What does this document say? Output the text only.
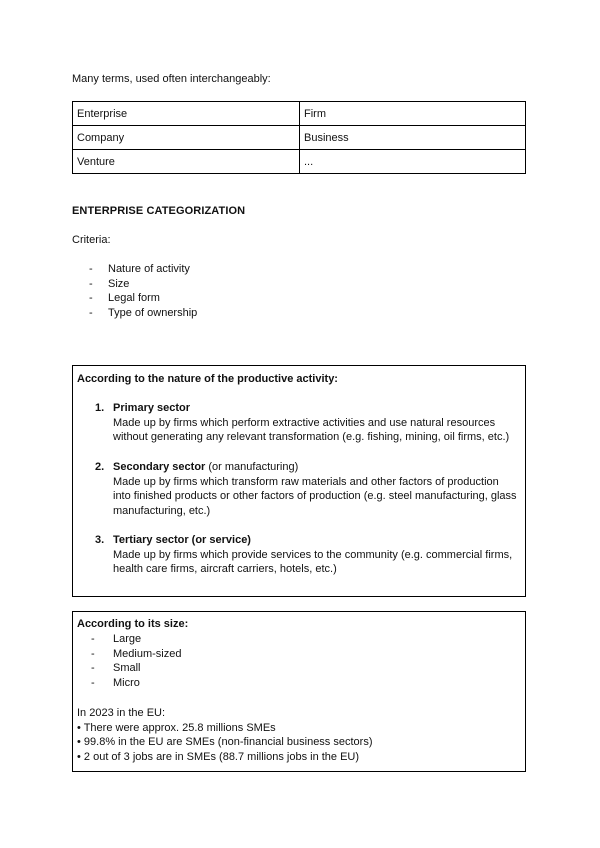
Many terms, used often interchangeably:
Enterprise	Firm
Company	Business
Venture	...
ENTERPRISE CATEGORIZATION
Criteria:
- Nature of activity
- Size
- Legal form
- Type of ownership
According to the nature of the productive activity:
1. Primary sector
Made up by firms which perform extractive activities and use natural resources
without generating any relevant transformation (e.g. fishing, mining, oil firms, etc.)
2. Secondary sector (or manufacturing)
Made up by firms which transform raw materials and other factors of production
into finished products or other factors of production (e.g. steel manufacturing, glass
manufacturing, etc.)
3. Tertiary sector (or service)
Made up by firms which provide services to the community (e.g. commercial firms,
health care firms, aircraft carriers, hotels, etc.)
According to its size:
- Large
- Medium-sized
- Small
- Micro
In 2023 in the EU:
• There were approx. 25.8 millions SMEs
• 99.8% in the EU are SMEs (non-financial business sectors)
• 2 out of 3 jobs are in SMEs (88.7 millions jobs in the EU)
